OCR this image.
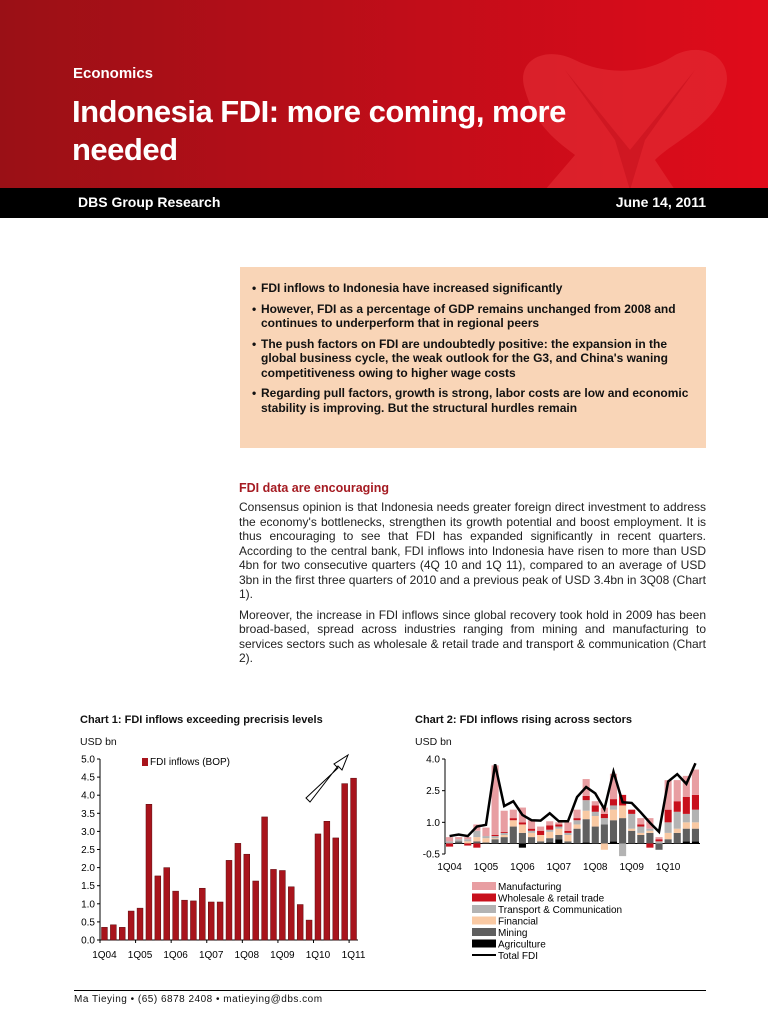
Economics
Indonesia FDI: more coming, more needed
DBS Group Research	June 14, 2011
• FDI inflows to Indonesia have increased significantly
• However, FDI as a percentage of GDP remains unchanged from 2008 and continues to underperform that in regional peers
• The push factors on FDI are undoubtedly positive: the expansion in the global business cycle, the weak outlook for the G3, and China's waning competitiveness owing to higher wage costs
• Regarding pull factors, growth is strong, labor costs are low and economic stability is improving. But the structural hurdles remain
FDI data are encouraging

Consensus opinion is that Indonesia needs greater foreign direct investment to address the economy's bottlenecks, strengthen its growth potential and boost employment. It is thus encouraging to see that FDI has expanded significantly in recent quarters. According to the central bank, FDI inflows into Indonesia have risen to more than USD 4bn for two consecutive quarters (4Q 10 and 1Q 11), compared to an average of USD 3bn in the first three quarters of 2010 and a previous peak of USD 3.4bn in 3Q08 (Chart 1).

Moreover, the increase in FDI inflows since global recovery took hold in 2009 has been broad-based, spread across industries ranging from mining and manufacturing to services sectors such as wholesale & retail trade and transport & communication (Chart 2).

Chart 1: FDI inflows exceeding precrisis levels
USD bn
0.0
0.5
1.0
1.5
2.0
2.5
3.0
3.5
4.0
4.5
5.0
1Q04 1Q05 1Q06 1Q07 1Q08 1Q09 1Q10 1Q11
FDI inflows (BOP)
Chart 2: FDI inflows rising across sectors
USD bn
-0.5
1.0
2.5
4.0
1Q04 1Q05 1Q06 1Q07 1Q08 1Q09 1Q10
Manufacturing
Wholesale & retail trade
Transport & Communication
Financial
Mining
Agriculture
Total FDI
Ma Tieying • (65) 6878 2408 • matieying@dbs.com
